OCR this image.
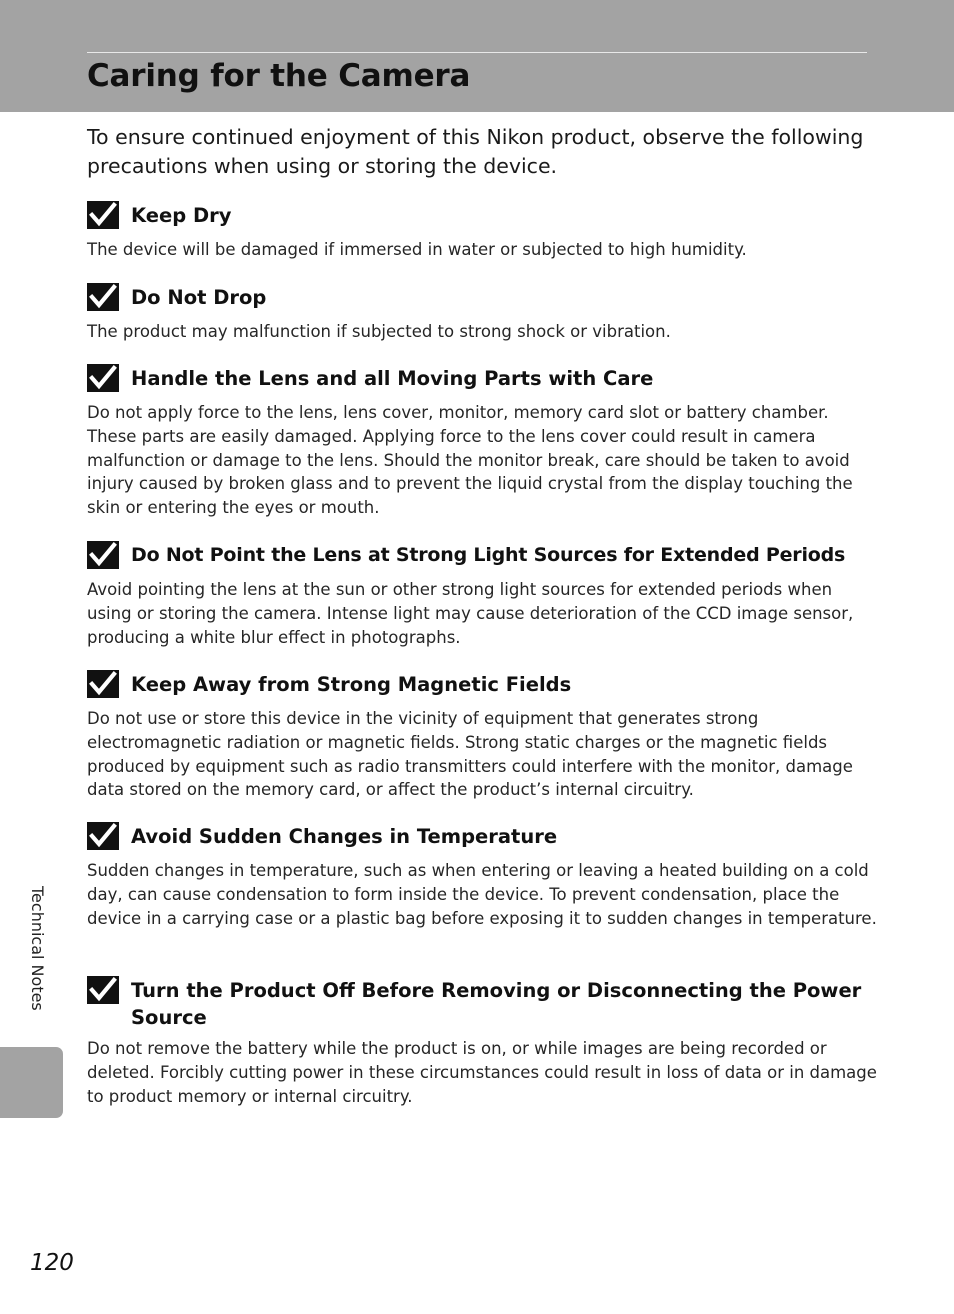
Caring for the Camera

To ensure continued enjoyment of this Nikon product, observe the following precautions when using or storing the device.

Keep Dry
The device will be damaged if immersed in water or subjected to high humidity.
Do Not Drop
The product may malfunction if subjected to strong shock or vibration.
Handle the Lens and all Moving Parts with Care
Do not apply force to the lens, lens cover, monitor, memory card slot or battery chamber. These parts are easily damaged. Applying force to the lens cover could result in camera malfunction or damage to the lens. Should the monitor break, care should be taken to avoid injury caused by broken glass and to prevent the liquid crystal from the display touching the skin or entering the eyes or mouth.
Do Not Point the Lens at Strong Light Sources for Extended Periods
Avoid pointing the lens at the sun or other strong light sources for extended periods when using or storing the camera. Intense light may cause deterioration of the CCD image sensor, producing a white blur effect in photographs.
Keep Away from Strong Magnetic Fields
Do not use or store this device in the vicinity of equipment that generates strong electromagnetic radiation or magnetic fields. Strong static charges or the magnetic fields produced by equipment such as radio transmitters could interfere with the monitor, damage data stored on the memory card, or affect the product’s internal circuitry.
Avoid Sudden Changes in Temperature
Sudden changes in temperature, such as when entering or leaving a heated building on a cold day, can cause condensation to form inside the device. To prevent condensation, place the device in a carrying case or a plastic bag before exposing it to sudden changes in temperature.
Turn the Product Off Before Removing or Disconnecting the Power Source
Do not remove the battery while the product is on, or while images are being recorded or deleted. Forcibly cutting power in these circumstances could result in loss of data or in damage to product memory or internal circuitry.
Technical Notes
120
